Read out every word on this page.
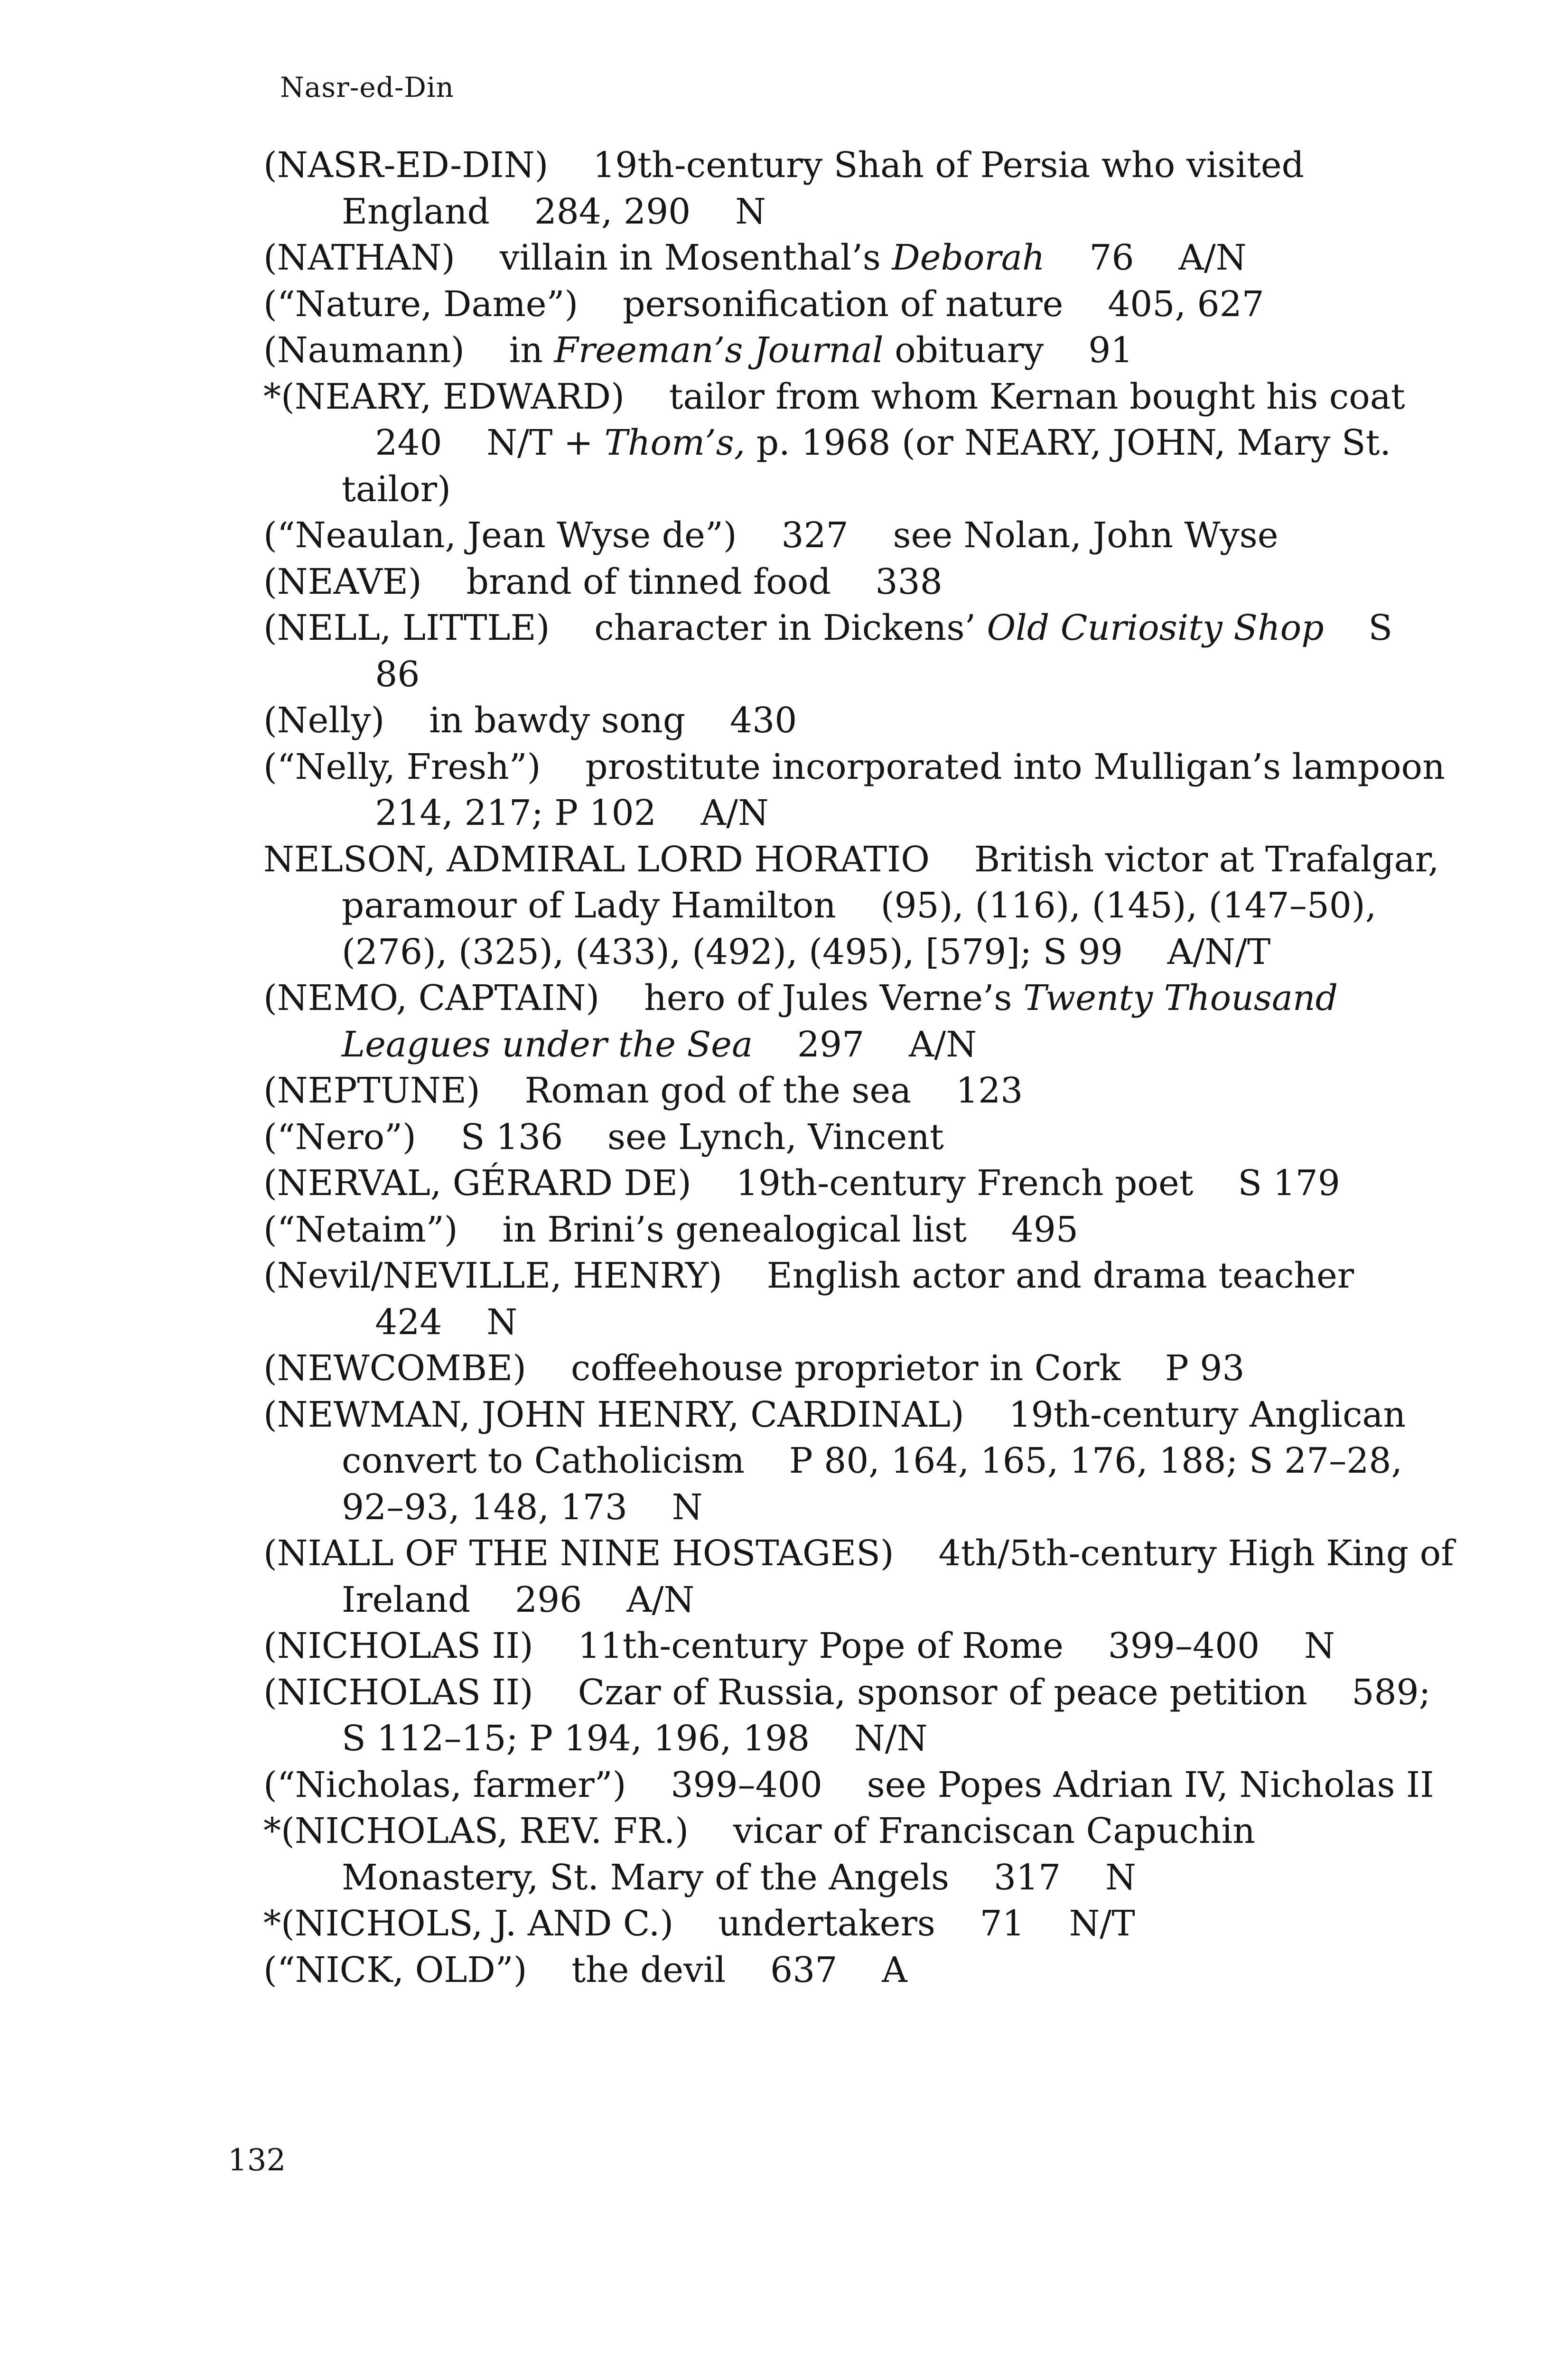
Nasr-ed-Din
(NASR-ED-DIN) 19th-century Shah of Persia who visited England 284, 290 N
(NATHAN) villain in Mosenthal’s Deborah 76 A/N
(“Nature, Dame”) personification of nature 405, 627
(Naumann) in Freeman’s Journal obituary 91
*(NEARY, EDWARD) tailor from whom Kernan bought his coat 240 N/T + Thom’s, p. 1968 (or NEARY, JOHN, Mary St. tailor)
(“Neaulan, Jean Wyse de”) 327 see Nolan, John Wyse
(NEAVE) brand of tinned food 338
(NELL, LITTLE) character in Dickens’ Old Curiosity Shop S 86
(Nelly) in bawdy song 430
(“Nelly, Fresh”) prostitute incorporated into Mulligan’s lampoon 214, 217; P 102 A/N
NELSON, ADMIRAL LORD HORATIO British victor at Trafalgar, paramour of Lady Hamilton (95), (116), (145), (147–50), (276), (325), (433), (492), (495), [579]; S 99 A/N/T
(NEMO, CAPTAIN) hero of Jules Verne’s Twenty Thousand Leagues under the Sea 297 A/N
(NEPTUNE) Roman god of the sea 123
(“Nero”) S 136 see Lynch, Vincent
(NERVAL, GÉRARD DE) 19th-century French poet S 179
(“Netaim”) in Brini’s genealogical list 495
(Nevil/NEVILLE, HENRY) English actor and drama teacher 424 N
(NEWCOMBE) coffeehouse proprietor in Cork P 93
(NEWMAN, JOHN HENRY, CARDINAL) 19th-century Anglican convert to Catholicism P 80, 164, 165, 176, 188; S 27–28, 92–93, 148, 173 N
(NIALL OF THE NINE HOSTAGES) 4th/5th-century High King of Ireland 296 A/N
(NICHOLAS II) 11th-century Pope of Rome 399–400 N
(NICHOLAS II) Czar of Russia, sponsor of peace petition 589; S 112–15; P 194, 196, 198 N/N
(“Nicholas, farmer”) 399–400 see Popes Adrian IV, Nicholas II
*(NICHOLAS, REV. FR.) vicar of Franciscan Capuchin Monastery, St. Mary of the Angels 317 N
*(NICHOLS, J. AND C.) undertakers 71 N/T
(“NICK, OLD”) the devil 637 A
132
